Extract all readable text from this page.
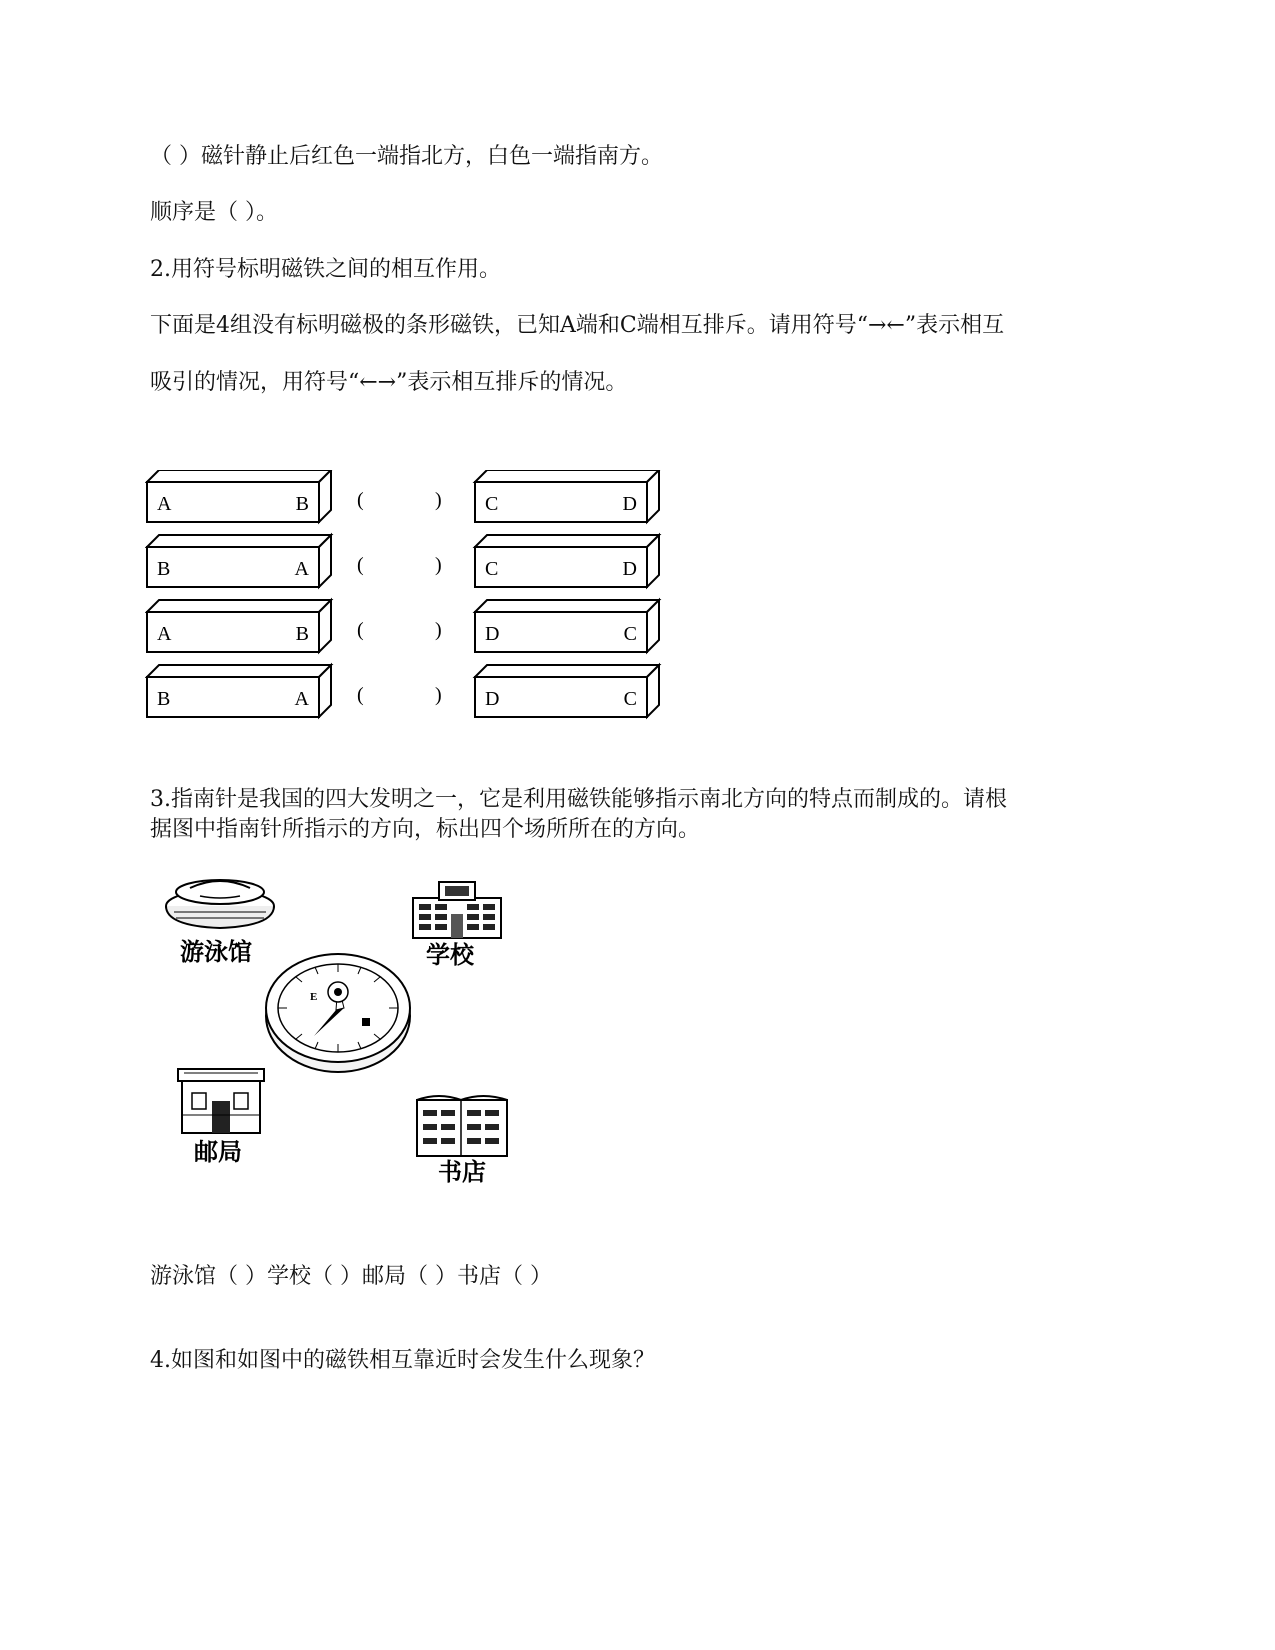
（ ）磁针静止后红色一端指北方，白色一端指南方。
顺序是（ ）。
2.用符号标明磁铁之间的相互作用。
下面是4组没有标明磁极的条形磁铁，已知A端和C端相互排斥。请用符号“→←”表示相互
吸引的情况，用符号“←→”表示相互排斥的情况。
A	B (	) C	D
B	A (	) C	D
A	B (	) D	C
B	A (	) D	C
3.指南针是我国的四大发明之一，它是利用磁铁能够指示南北方向的特点而制成的。请根
据图中指南针所指示的方向，标出四个场所所在的方向。
游泳馆	学校
E
邮局
书店
游泳馆（ ）学校（ ）邮局（ ）书店（ ）
4.如图和如图中的磁铁相互靠近时会发生什么现象？
